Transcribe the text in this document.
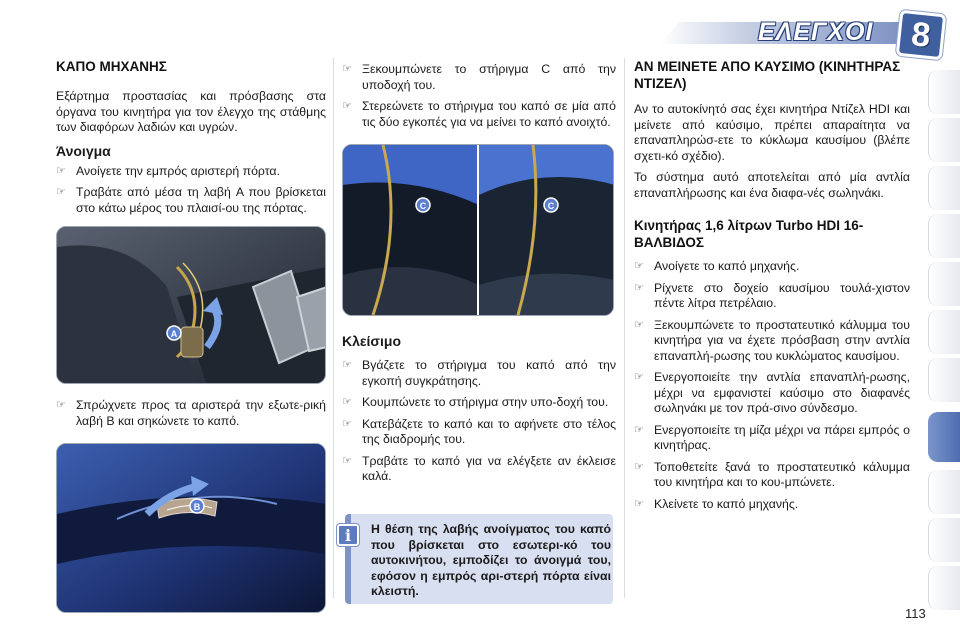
ΕΛΕΓΧΟΙ 8
ΚΑΠΟ ΜΗΧΑΝΗΣ

Εξάρτημα προστασίας και πρόσβασης στα όργανα του κινητήρα για τον έλεγχο της στάθμης των διαφόρων λαδιών και υγρών.

Άνοιγμα
☞ Ανοίγετε την εμπρός αριστερή πόρτα.
☞ Τραβάτε από μέσα τη λαβή A που βρίσκεται στο κάτω μέρος του πλαισί-ου της πόρτας.
A
☞ Σπρώχνετε προς τα αριστερά την εξωτε-ρική λαβή B και σηκώνετε το καπό.
B
☞ Ξεκουμπώνετε το στήριγμα C από την υποδοχή του.
☞ Στερεώνετε το στήριγμα του καπό σε μία από τις δύο εγκοπές για να μείνει το καπό ανοιχτό.
C	C
Κλείσιμο
☞ Βγάζετε το στήριγμα του καπό από την εγκοπή συγκράτησης.
☞ Κουμπώνετε το στήριγμα στην υπο-δοχή του.
☞ Κατεβάζετε το καπό και το αφήνετε στο τέλος της διαδρομής του.
☞ Τραβάτε το καπό για να ελέγξετε αν έκλεισε καλά.
i	Η θέση της λαβής ανοίγματος του καπό που βρίσκεται στο εσωτερι-κό του αυτοκινήτου, εμποδίζει το άνοιγμά του, εφόσον η εμπρός αρι-στερή πόρτα είναι κλειστή.
ΑΝ ΜΕΙΝΕΤΕ ΑΠΟ ΚΑΥΣΙΜΟ (ΚΙΝΗΤΗΡΑΣ ΝΤΙΖΕΛ)

Αν το αυτοκίνητό σας έχει κινητήρα Ντίζελ HDI και μείνετε από καύσιμο, πρέπει απαραίτητα να επαναπληρώσ-ετε το κύκλωμα καυσίμου (βλέπε σχετι-κό σχέδιο).

Το σύστημα αυτό αποτελείται από μία αντλία επαναπλήρωσης και ένα διαφα-νές σωληνάκι.

Κινητήρας 1,6 λίτρων Turbo HDI 16-ΒΑΛΒΙΔΟΣ
☞ Ανοίγετε το καπό μηχανής.
☞ Ρίχνετε στο δοχείο καυσίμου τουλά-χιστον πέντε λίτρα πετρέλαιο.
☞ Ξεκουμπώνετε το προστατευτικό κάλυμμα του κινητήρα για να έχετε πρόσβαση στην αντλία επαναπλή-ρωσης του κυκλώματος καυσίμου.
☞ Ενεργοποιείτε την αντλία επαναπλή-ρωσης, μέχρι να εμφανιστεί καύσιμο στο διαφανές σωληνάκι με τον πρά-σινο σύνδεσμο.
☞ Ενεργοποιείτε τη μίζα μέχρι να πάρει εμπρός ο κινητήρας.
☞ Τοποθετείτε ξανά το προστατευτικό κάλυμμα του κινητήρα και το κου-μπώνετε.
☞ Κλείνετε το καπό μηχανής.
113
